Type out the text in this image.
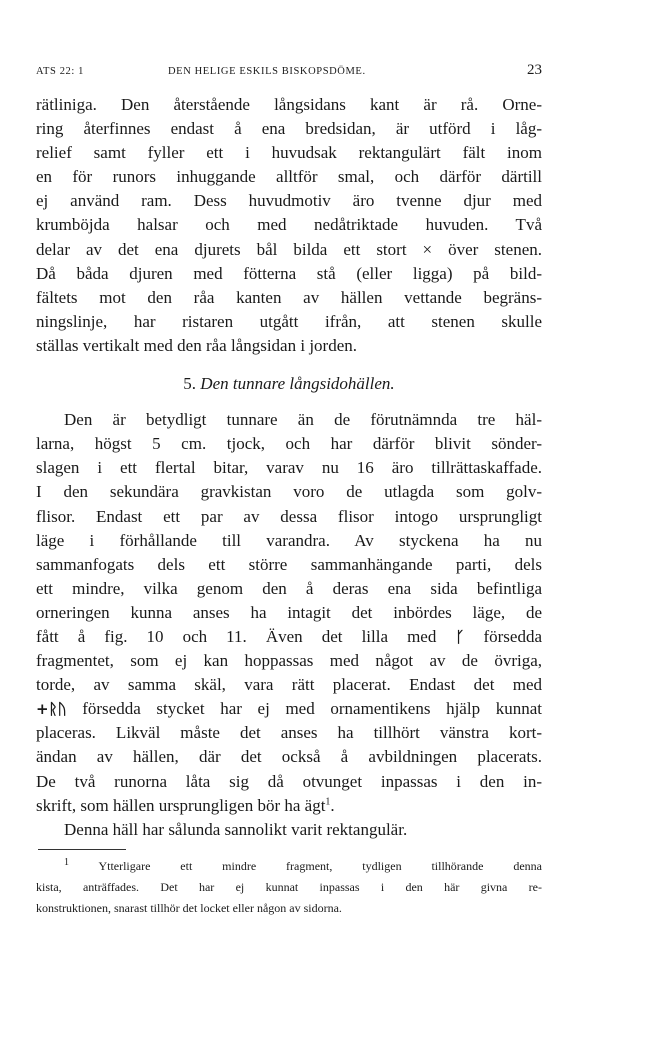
ATS 22: 1	DEN HELIGE ESKILS BISKOPSDÖME.	23
rätliniga. Den återstående långsidans kant är rå. Orne-
ring återfinnes endast å ena bredsidan, är utförd i låg-
relief samt fyller ett i huvudsak rektangulärt fält inom
en för runors inhuggande alltför smal, och därför därtill
ej använd ram. Dess huvudmotiv äro tvenne djur med
krumböjda halsar och med nedåtriktade huvuden. Två
delar av det ena djurets bål bilda ett stort × över stenen.
Då båda djuren med fötterna stå (eller ligga) på bild-
fältets mot den råa kanten av hällen vettande begräns-
ningslinje, har ristaren utgått ifrån, att stenen skulle
ställas vertikalt med den råa långsidan i jorden.
5. Den tunnare långsidohällen.
Den är betydligt tunnare än de förutnämnda tre häl-
larna, högst 5 cm. tjock, och har därför blivit sönder-
slagen i ett flertal bitar, varav nu 16 äro tillrättaskaffade.
I den sekundära gravkistan voro de utlagda som golv-
flisor. Endast ett par av dessa flisor intogo ursprungligt
läge i förhållande till varandra. Av styckena ha nu
sammanfogats dels ett större sammanhängande parti, dels
ett mindre, vilka genom den å deras ena sida befintliga
orneringen kunna anses ha intagit det inbördes läge, de
fått å fig. 10 och 11. Även det lilla med ᚴ försedda
fragmentet, som ej kan hoppassas med något av de övriga,
torde, av samma skäl, vara rätt placerat. Endast det med
+ᚱᚢ försedda stycket har ej med ornamentikens hjälp kunnat
placeras. Likväl måste det anses ha tillhört vänstra kort-
ändan av hällen, där det också å avbildningen placerats.
De två runorna låta sig då otvunget inpassas i den in-
skrift, som hällen ursprungligen bör ha ägt$^1$.
Denna häll har sålunda sannolikt varit rektangulär.
$^1$ Ytterligare ett mindre fragment, tydligen tillhörande denna
kista, anträffades. Det har ej kunnat inpassas i den här givna re-
konstruktionen, snarast tillhör det locket eller någon av sidorna.
